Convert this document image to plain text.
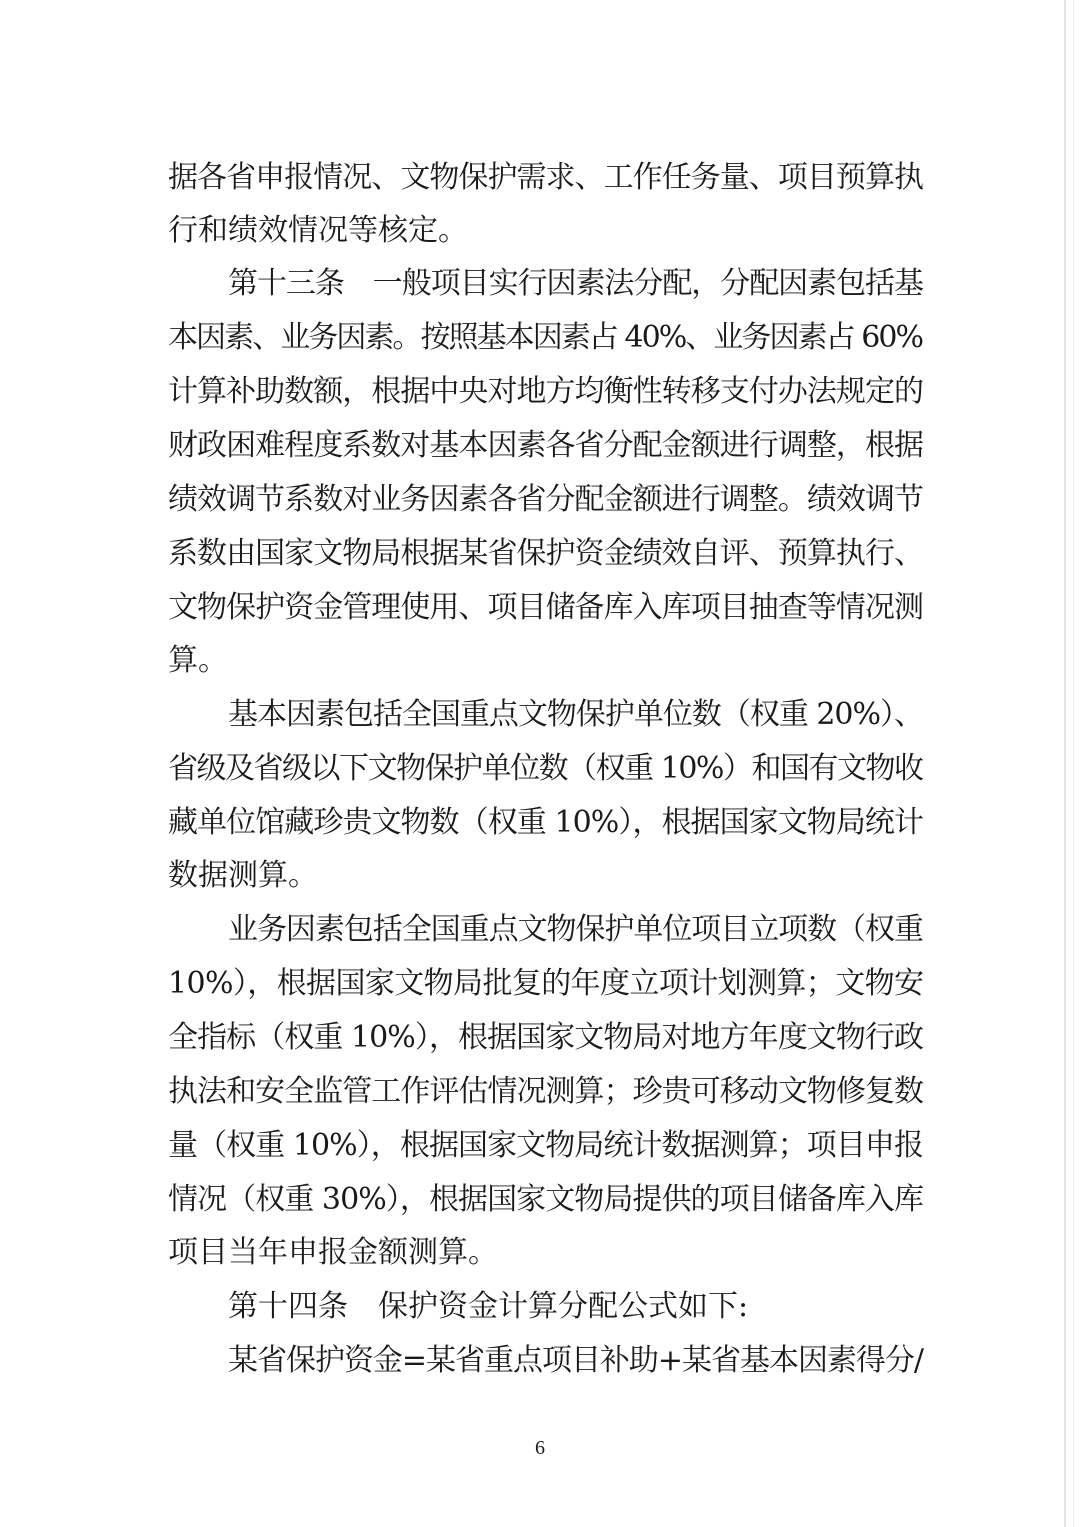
据各省申报情况、文物保护需求、工作任务量、项目预算执
行和绩效情况等核定。
第十三条　一般项目实行因素法分配，分配因素包括基
本因素、业务因素。按照基本因素占 40%、业务因素占 60%
计算补助数额，根据中央对地方均衡性转移支付办法规定的
财政困难程度系数对基本因素各省分配金额进行调整，根据
绩效调节系数对业务因素各省分配金额进行调整。绩效调节
系数由国家文物局根据某省保护资金绩效自评、预算执行、
文物保护资金管理使用、项目储备库入库项目抽查等情况测
算。
基本因素包括全国重点文物保护单位数（权重 20%）、
省级及省级以下文物保护单位数（权重 10%）和国有文物收
藏单位馆藏珍贵文物数（权重 10%），根据国家文物局统计
数据测算。
业务因素包括全国重点文物保护单位项目立项数（权重
10%），根据国家文物局批复的年度立项计划测算；文物安
全指标（权重 10%），根据国家文物局对地方年度文物行政
执法和安全监管工作评估情况测算；珍贵可移动文物修复数
量（权重 10%），根据国家文物局统计数据测算；项目申报
情况（权重 30%），根据国家文物局提供的项目储备库入库
项目当年申报金额测算。
第十四条　保护资金计算分配公式如下:
某省保护资金=某省重点项目补助+某省基本因素得分/
6
